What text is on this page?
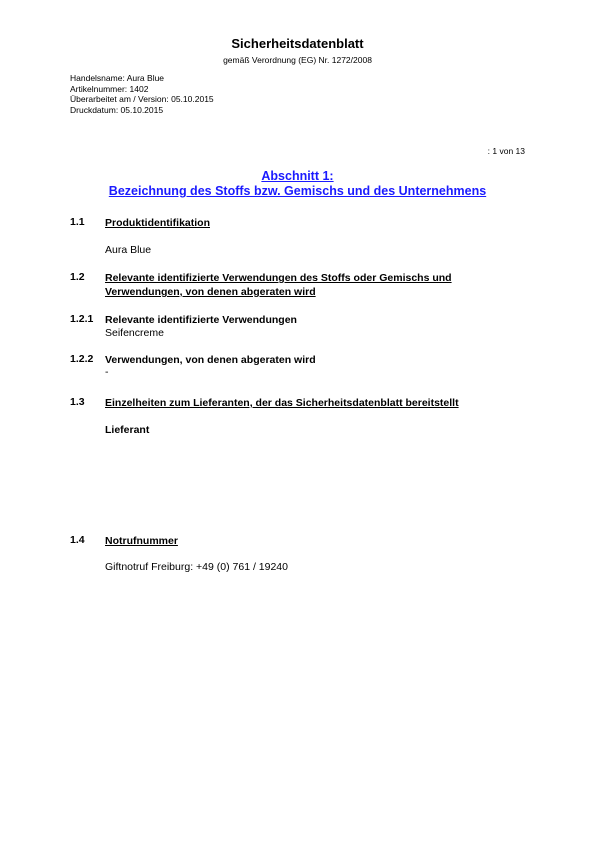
Sicherheitsdatenblatt
gemäß Verordnung (EG) Nr. 1272/2008
Handelsname: Aura Blue
Artikelnummer: 1402
Überarbeitet am / Version: 05.10.2015
Druckdatum: 05.10.2015
: 1 von 13
Abschnitt 1:
Bezeichnung des Stoffs bzw. Gemischs und des Unternehmens
1.1 Produktidentifikation
Aura Blue
1.2 Relevante identifizierte Verwendungen des Stoffs oder Gemischs und
Verwendungen, von denen abgeraten wird
1.2.1 Relevante identifizierte Verwendungen
Seifencreme
1.2.2 Verwendungen, von denen abgeraten wird
-
1.3 Einzelheiten zum Lieferanten, der das Sicherheitsdatenblatt bereitstellt
Lieferant
1.4 Notrufnummer
Giftnotruf Freiburg: +49 (0) 761 / 19240
